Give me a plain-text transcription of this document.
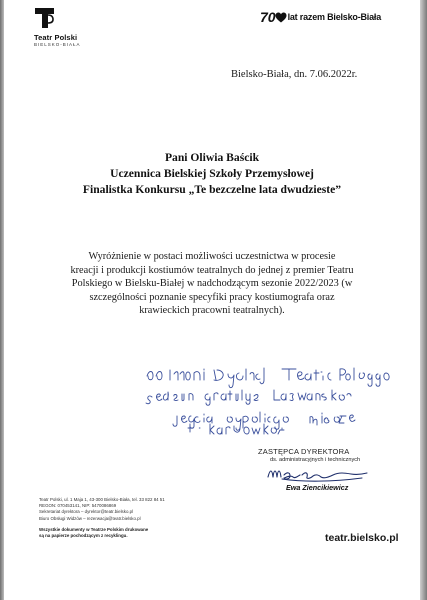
Teatr Polski
BIELSKO-BIAŁA
70 lat razem Bielsko-Biała
Bielsko-Biała, dn. 7.06.2022r.
Pani Oliwia Baścik
Uczennica Bielskiej Szkoły Przemysłowej
Finalistka Konkursu „Te bezczelne lata dwudzieste”
Wyróżnienie w postaci możliwości uczestnictwa w procesie
kreacji i produkcji kostiumów teatralnych do jednej z premier Teatru
Polskiego w Bielsku-Białej w nadchodzącym sezonie 2022/2023 (w
szczególności poznanie specyfiki pracy kostiumografa oraz
krawieckich pracowni teatralnych).
ZASTĘPCA DYREKTORA
ds. administracyjnych i technicznych
Ewa Ziencikiewicz
Teatr Polski, ul. 1 Maja 1, 43-300 Bielsko-Biała, tel. 33 822 84 51
REGON: 070453141, NIP: 5470086869
Sekretariat dyrektora – dyrektor@teatr.bielsko.pl
Biuro Obsługi Widzów – rezerwacja@teatr.bielsko.pl
Wszystkie dokumenty w Teatrze Polskim drukowane
są na papierze pochodzącym z recyklingu.	teatr.bielsko.pl
